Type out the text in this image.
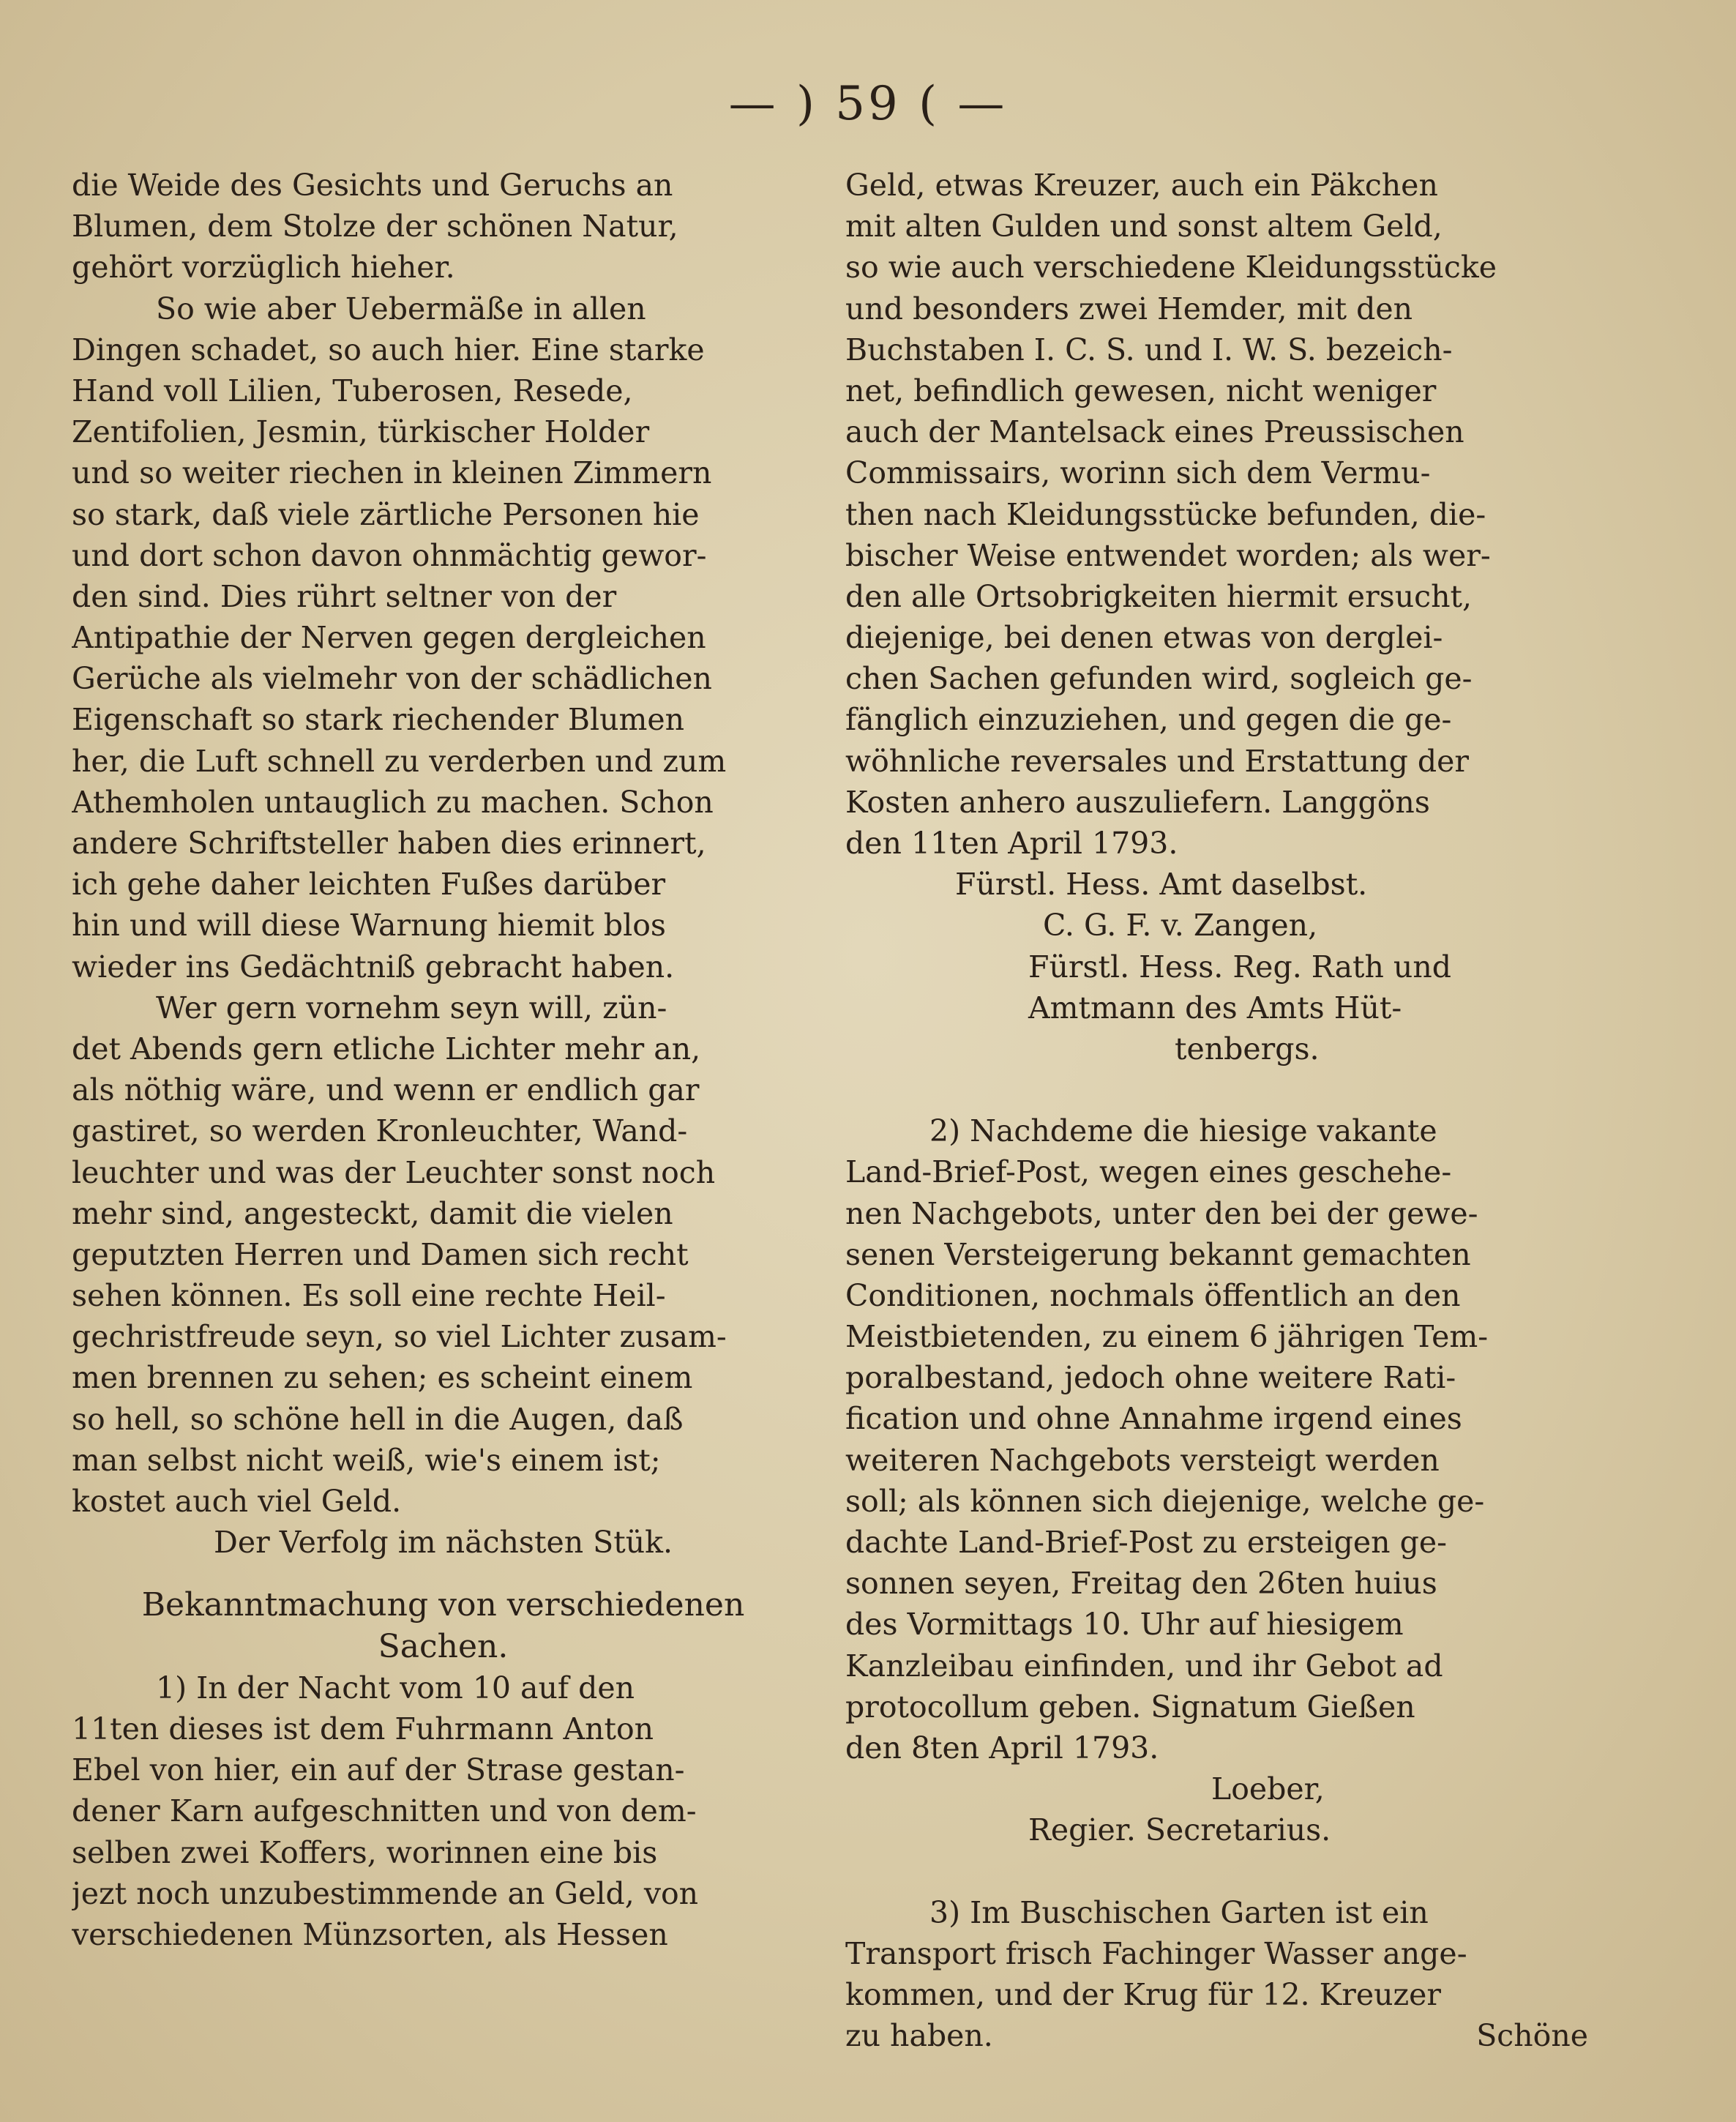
— ) 59 ( —
die Weide des Gesichts und Geruchs an
Blumen, dem Stolze der schönen Natur,
gehört vorzüglich hieher.
So wie aber Uebermäße in allen
Dingen schadet, so auch hier. Eine starke
Hand voll Lilien, Tuberosen, Resede,
Zentifolien, Jesmin, türkischer Holder
und so weiter riechen in kleinen Zimmern
so stark, daß viele zärtliche Personen hie
und dort schon davon ohnmächtig gewor-
den sind. Dies rührt seltner von der
Antipathie der Nerven gegen dergleichen
Gerüche als vielmehr von der schädlichen
Eigenschaft so stark riechender Blumen
her, die Luft schnell zu verderben und zum
Athemholen untauglich zu machen. Schon
andere Schriftsteller haben dies erinnert,
ich gehe daher leichten Fußes darüber
hin und will diese Warnung hiemit blos
wieder ins Gedächtniß gebracht haben.
Wer gern vornehm seyn will, zün-
det Abends gern etliche Lichter mehr an,
als nöthig wäre, und wenn er endlich gar
gastiret, so werden Kronleuchter, Wand-
leuchter und was der Leuchter sonst noch
mehr sind, angesteckt, damit die vielen
geputzten Herren und Damen sich recht
sehen können. Es soll eine rechte Heil-
gechristfreude seyn, so viel Lichter zusam-
men brennen zu sehen; es scheint einem
so hell, so schöne hell in die Augen, daß
man selbst nicht weiß, wie's einem ist;
kostet auch viel Geld.
Der Verfolg im nächsten Stük.
Bekanntmachung von verschiedenen
Sachen.
1) In der Nacht vom 10 auf den
11ten dieses ist dem Fuhrmann Anton
Ebel von hier, ein auf der Strase gestan-
dener Karn aufgeschnitten und von dem-
selben zwei Koffers, worinnen eine bis
jezt noch unzubestimmende an Geld, von
verschiedenen Münzsorten, als Hessen
Geld, etwas Kreuzer, auch ein Päkchen
mit alten Gulden und sonst altem Geld,
so wie auch verschiedene Kleidungsstücke
und besonders zwei Hemder, mit den
Buchstaben I. C. S. und I. W. S. bezeich-
net, befindlich gewesen, nicht weniger
auch der Mantelsack eines Preussischen
Commissairs, worinn sich dem Vermu-
then nach Kleidungsstücke befunden, die-
bischer Weise entwendet worden; als wer-
den alle Ortsobrigkeiten hiermit ersucht,
diejenige, bei denen etwas von derglei-
chen Sachen gefunden wird, sogleich ge-
fänglich einzuziehen, und gegen die ge-
wöhnliche reversales und Erstattung der
Kosten anhero auszuliefern. Langgöns
den 11ten April 1793.
Fürstl. Hess. Amt daselbst.
C. G. F. v. Zangen,
Fürstl. Hess. Reg. Rath und
Amtmann des Amts Hüt-
tenbergs.
2) Nachdeme die hiesige vakante
Land-Brief-Post, wegen eines geschehe-
nen Nachgebots, unter den bei der gewe-
senen Versteigerung bekannt gemachten
Conditionen, nochmals öffentlich an den
Meistbietenden, zu einem 6 jährigen Tem-
poralbestand, jedoch ohne weitere Rati-
fication und ohne Annahme irgend eines
weiteren Nachgebots versteigt werden
soll; als können sich diejenige, welche ge-
dachte Land-Brief-Post zu ersteigen ge-
sonnen seyen, Freitag den 26ten huius
des Vormittags 10. Uhr auf hiesigem
Kanzleibau einfinden, und ihr Gebot ad
protocollum geben. Signatum Gießen
den 8ten April 1793.
Loeber,
Regier. Secretarius.
3) Im Buschischen Garten ist ein
Transport frisch Fachinger Wasser ange-
kommen, und der Krug für 12. Kreuzer
zu haben.	Schöne
